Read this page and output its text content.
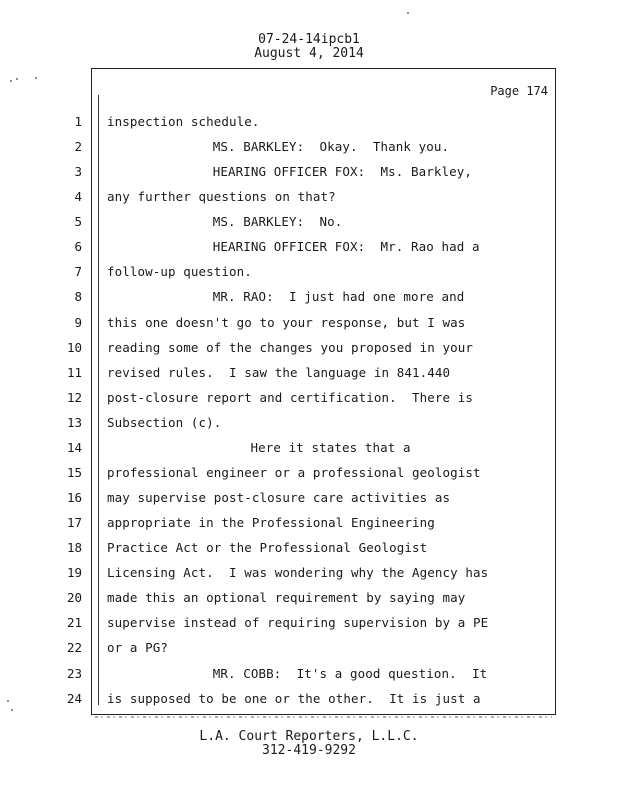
07-24-14ipcb1
August 4, 2014
Page 174
1 inspection schedule.
2	MS. BARKLEY:  Okay.  Thank you.
3	HEARING OFFICER FOX:  Ms. Barkley,
4 any further questions on that?
5	MS. BARKLEY:  No.
6	HEARING OFFICER FOX:  Mr. Rao had a
7 follow-up question.
8	MR. RAO:  I just had one more and
9 this one doesn't go to your response, but I was
10 reading some of the changes you proposed in your
11 revised rules.  I saw the language in 841.440
12 post-closure report and certification.  There is
13 Subsection (c).
14	Here it states that a
15 professional engineer or a professional geologist
16 may supervise post-closure care activities as
17 appropriate in the Professional Engineering
18 Practice Act or the Professional Geologist
19 Licensing Act.  I was wondering why the Agency has
20 made this an optional requirement by saying may
21 supervise instead of requiring supervision by a PE
22 or a PG?
23	MR. COBB:  It's a good question.  It
24 is supposed to be one or the other.  It is just a
L.A. Court Reporters, L.L.C.
312-419-9292
